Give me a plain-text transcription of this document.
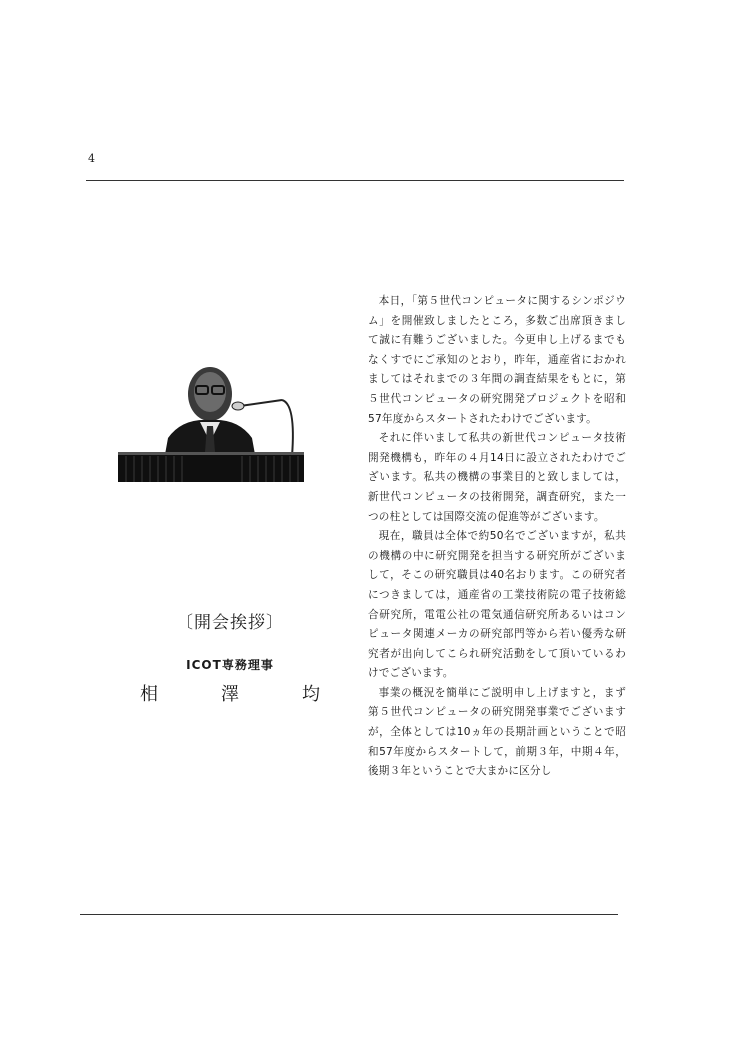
4
〔開会挨拶〕
ICOT専務理事
相	澤	均

本日，「第５世代コンピュータに関するシンポジウム」を開催致しましたところ，多数ご出席頂きまして誠に有難うございました。今更申し上げるまでもなくすでにご承知のとおり，昨年，通産省におかれましてはそれまでの３年間の調査結果をもとに，第５世代コンピュータの研究開発プロジェクトを昭和57年度からスタートされたわけでございます。

それに伴いまして私共の新世代コンピュータ技術開発機構も，昨年の４月14日に設立されたわけでございます。私共の機構の事業目的と致しましては，新世代コンピュータの技術開発，調査研究，また一つの柱としては国際交流の促進等がございます。

現在，職員は全体で約50名でございますが，私共の機構の中に研究開発を担当する研究所がございまして，そこの研究職員は40名おります。この研究者につきましては，通産省の工業技術院の電子技術総合研究所，電電公社の電気通信研究所あるいはコンピュータ関連メーカの研究部門等から若い優秀な研究者が出向してこられ研究活動をして頂いているわけでございます。

事業の概況を簡単にご説明申し上げますと，まず第５世代コンピュータの研究開発事業でございますが，全体としては10ヵ年の長期計画ということで昭和57年度からスタートして，前期３年，中期４年，後期３年ということで大まかに区分し
